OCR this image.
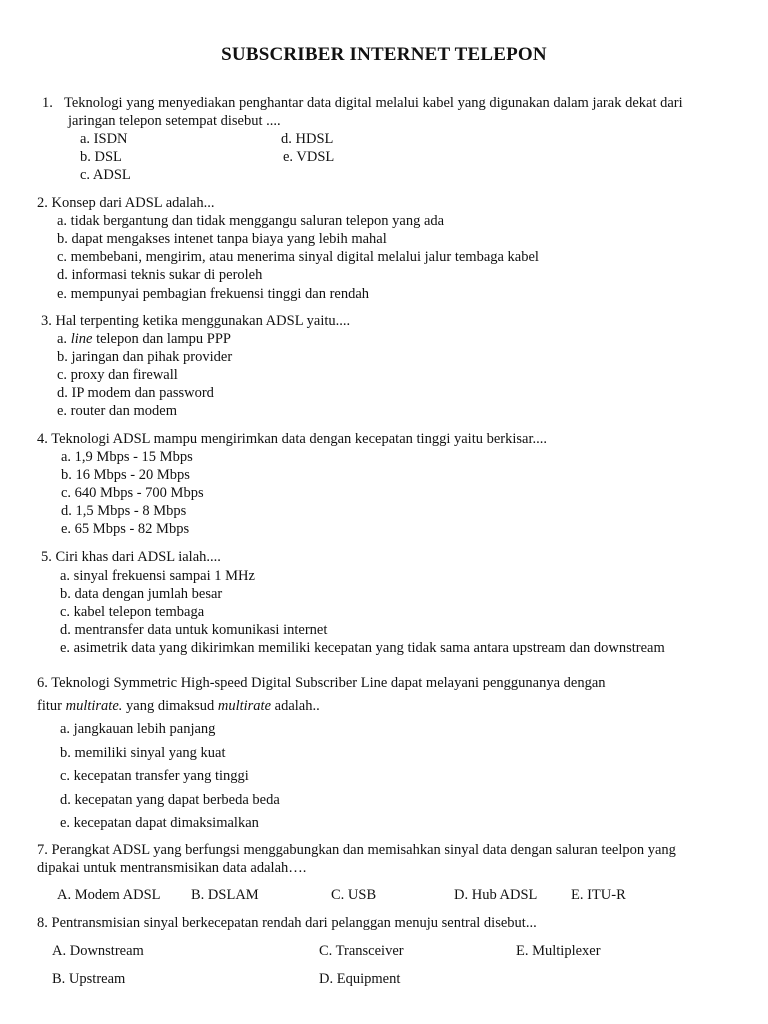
SUBSCRIBER INTERNET TELEPON
1. Teknologi yang menyediakan penghantar data digital melalui kabel yang digunakan dalam jarak dekat dari
jaringan telepon setempat disebut ....
a. ISDN
b. DSL
c. ADSL
d. HDSL
e. VDSL
2. Konsep dari ADSL adalah...
a. tidak bergantung dan tidak menggangu saluran telepon yang ada
b. dapat mengakses intenet tanpa biaya yang lebih mahal
c. membebani, mengirim, atau menerima sinyal digital melalui jalur tembaga kabel
d. informasi teknis sukar di peroleh
e. mempunyai pembagian frekuensi tinggi dan rendah
3. Hal terpenting ketika menggunakan ADSL yaitu....
a. line telepon dan lampu PPP
b. jaringan dan pihak provider
c. proxy dan firewall
d. IP modem dan password
e. router dan modem
4. Teknologi ADSL mampu mengirimkan data dengan kecepatan tinggi yaitu berkisar....
a. 1,9 Mbps - 15 Mbps
b. 16 Mbps - 20 Mbps
c. 640 Mbps - 700 Mbps
d. 1,5 Mbps - 8 Mbps
e. 65 Mbps - 82 Mbps
5. Ciri khas dari ADSL ialah....
a. sinyal frekuensi sampai 1 MHz
b. data dengan jumlah besar
c. kabel telepon tembaga
d. mentransfer data untuk komunikasi internet
e. asimetrik data yang dikirimkan memiliki kecepatan yang tidak sama antara upstream dan downstream
6. Teknologi Symmetric High-speed Digital Subscriber Line dapat melayani penggunanya dengan
fitur multirate. yang dimaksud multirate adalah..
a. jangkauan lebih panjang
b. memiliki sinyal yang kuat
c. kecepatan transfer yang tinggi
d. kecepatan yang dapat berbeda beda
e. kecepatan dapat dimaksimalkan
7. Perangkat ADSL yang berfungsi menggabungkan dan memisahkan sinyal data dengan saluran teelpon yang
dipakai untuk mentransmisikan data adalah….
A. Modem ADSL B. DSLAM	C. USB	D. Hub ADSL E. ITU-R
8. Pentransmisian sinyal berkecepatan rendah dari pelanggan menuju sentral disebut...
A. Downstream
B. Upstream
C. Transceiver
D. Equipment
E. Multiplexer
